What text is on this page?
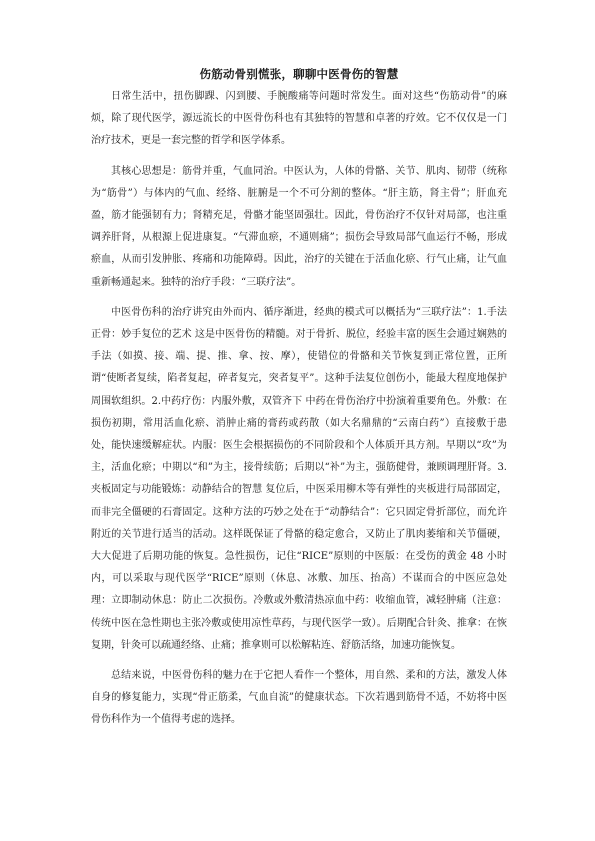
伤筋动骨别慌张，聊聊中医骨伤的智慧

日常生活中，扭伤脚踝、闪到腰、手腕酸痛等问题时常发生。面对这些“伤筋动骨”的麻烦，除了现代医学，源远流长的中医骨伤科也有其独特的智慧和卓著的疗效。它不仅仅是一门治疗技术，更是一套完整的哲学和医学体系。

其核心思想是：筋骨并重，气血同治。中医认为，人体的骨骼、关节、肌肉、韧带（统称为“筋骨”）与体内的气血、经络、脏腑是一个不可分割的整体。“肝主筋，肾主骨”；肝血充盈，筋才能强韧有力；肾精充足，骨骼才能坚固强壮。因此，骨伤治疗不仅针对局部，也注重调养肝肾，从根源上促进康复。“气滞血瘀，不通则痛”；损伤会导致局部气血运行不畅，形成瘀血，从而引发肿胀、疼痛和功能障碍。因此，治疗的关键在于活血化瘀、行气止痛，让气血重新畅通起来。独特的治疗手段：“三联疗法”。

中医骨伤科的治疗讲究由外而内、循序渐进，经典的模式可以概括为“三联疗法”：1.手法正骨：妙手复位的艺术 这是中医骨伤的精髓。对于骨折、脱位，经验丰富的医生会通过娴熟的手法（如摸、接、端、提、推、拿、按、摩），使错位的骨骼和关节恢复到正常位置，正所谓“使断者复续，陷者复起，碎者复完，突者复平”。这种手法复位创伤小，能最大程度地保护周围软组织。2.中药疗伤：内服外敷，双管齐下 中药在骨伤治疗中扮演着重要角色。外敷：在损伤初期，常用活血化瘀、消肿止痛的膏药或药散（如大名鼎鼎的“云南白药”）直接敷于患处，能快速缓解症状。内服：医生会根据损伤的不同阶段和个人体质开具方剂。早期以“攻”为主，活血化瘀；中期以“和”为主，接骨续筋；后期以“补”为主，强筋健骨，兼顾调理肝肾。3.夹板固定与功能锻炼：动静结合的智慧 复位后，中医采用柳木等有弹性的夹板进行局部固定，而非完全僵硬的石膏固定。这种方法的巧妙之处在于“动静结合”：它只固定骨折部位，而允许附近的关节进行适当的活动。这样既保证了骨骼的稳定愈合，又防止了肌肉萎缩和关节僵硬，大大促进了后期功能的恢复。急性损伤，记住“RICE”原则的中医版：在受伤的黄金 48 小时内，可以采取与现代医学“RICE”原则（休息、冰敷、加压、抬高）不谋而合的中医应急处理：立即制动休息：防止二次损伤。冷敷或外敷清热凉血中药：收缩血管，减轻肿痛（注意：传统中医在急性期也主张冷敷或使用凉性草药，与现代医学一致）。后期配合针灸、推拿：在恢复期，针灸可以疏通经络、止痛；推拿则可以松解粘连、舒筋活络，加速功能恢复。

总结来说，中医骨伤科的魅力在于它把人看作一个整体，用自然、柔和的方法，激发人体自身的修复能力，实现“骨正筋柔，气血自流”的健康状态。下次若遇到筋骨不适，不妨将中医骨伤科作为一个值得考虑的选择。
